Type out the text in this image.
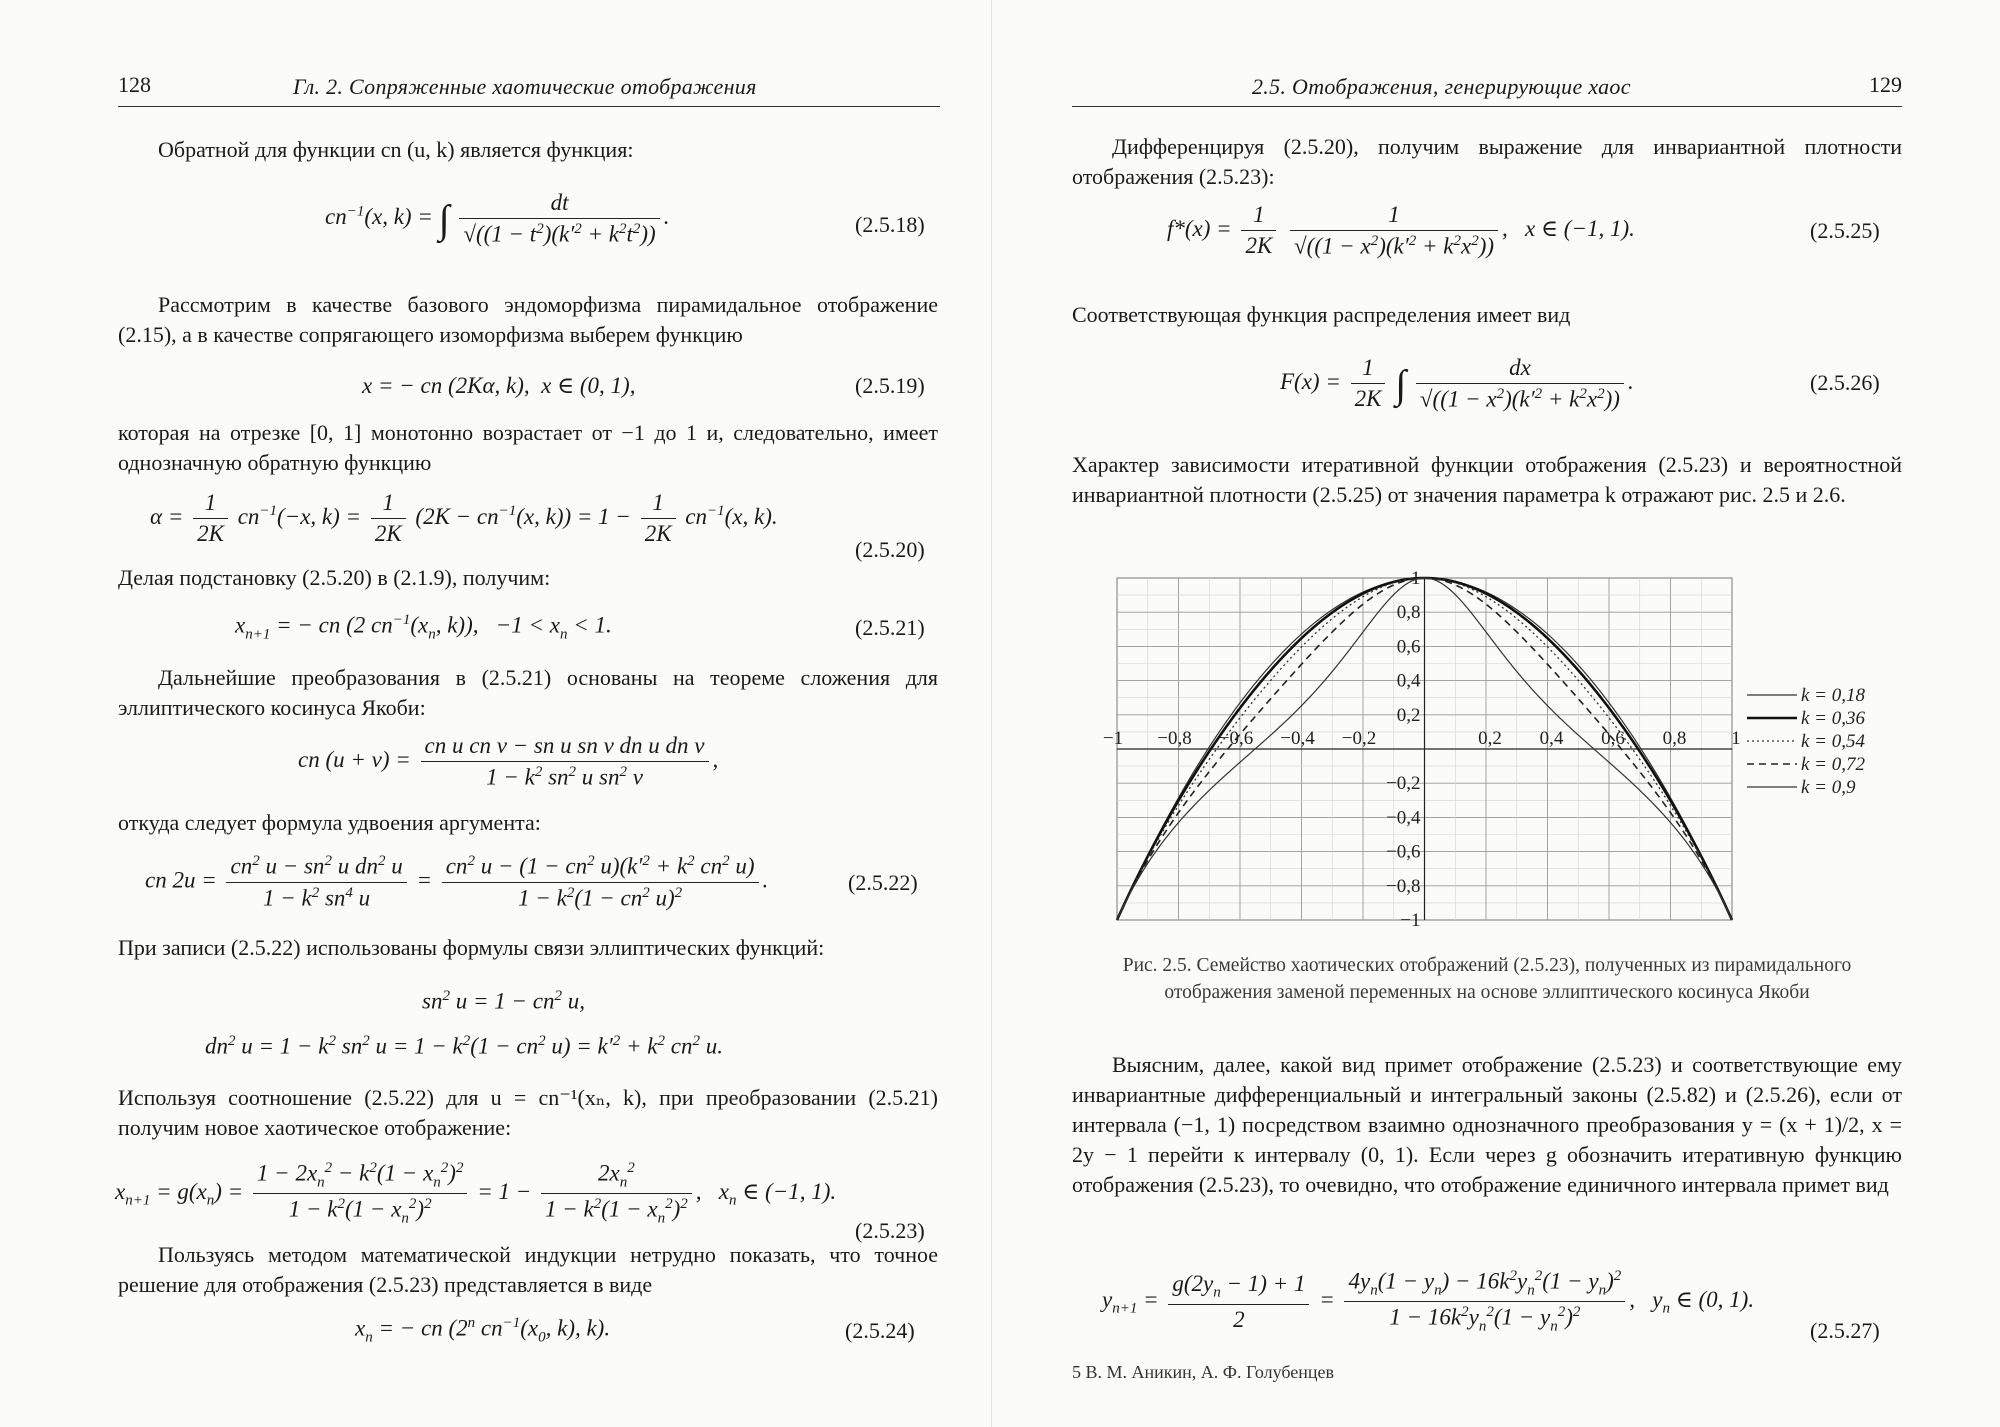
128	Гл. 2. Сопряженные хаотические отображения

Обратной для функции cn (u, k) является функция:

$cn^{-1}(x$, k) = ∫ $\frac{dt}{√((1 - t^2)(k'^2 + k^2t^2))}$ .	(2.5.18)

Рассмотрим в качестве базового эндоморфизма пирамидальное отображение (2.15), а в качестве сопрягающего изоморфизма выберем функцию

x = − cn (2Kα, k),  x ∈ (0, 1),	(2.5.19)

которая на отрезке [0, 1] монотонно возрастает от −1 до 1 и, следовательно, имеет однозначную обратную функцию

$\alpha = \frac{1}{2K} cn^{-1}(-x$, $k) = \frac{1}{2K} (2K - cn^{-1}(x$, $k)) = 1 - \frac{1}{2K} cn^{-1}(x$, k).
(2.5.20)

Делая подстановку (2.5.20) в (2.1.9), получим:

$x_{n+1}$ = − cn (2 $cn^{-1}(x_n$, k)),   $-1 < x_n < 1$.	(2.5.21)

Дальнейшие преобразования в (2.5.21) основаны на теореме сложения для эллиптического косинуса Якоби:

cn $(u + v) = \frac{\text{cn u cn v − sn u sn v dn u dn v}}{1 - k^2 sn^2 u sn^2 v}$ ,

откуда следует формула удвоения аргумента:

cn $2u = \frac{cn^2 u - sn^2 u dn^2 u}{1 - k^2 sn^4 u} = \frac{cn^2 u - (1 - cn^2 u)(k'^2 + k^2 cn^2 u)}{1 - k^2(1 - cn^2 u)^2}$ .	(2.5.22)

При записи (2.5.22) использованы формулы связи эллиптических функций:

$sn^2$ $u = 1 - cn^2$ u,
$dn^2$ $u = 1 - k^2$ $sn^2$ $u = 1 - k^2(1 - cn^2$ $u) = k'^2 + k^2$ $cn^2$ u.

Используя соотношение (2.5.22) для u = cn⁻¹(xₙ, k), при преобразовании (2.5.21) получим новое хаотическое отображение:

$x_{n+1} = g(x_n) = \frac{1 - 2x_n^2 - k^2(1 - x_n^2)^2}{1 - k^2(1 - x_n^2)^2} = 1 - \frac{2x_n^2}{1 - k^2(1 - x_n^2)^2}$ ,   $x_n$ ∈ (−1, 1).
(2.5.23)

Пользуясь методом математической индукции нетрудно показать, что точное решение для отображения (2.5.23) представляется в виде

$x_n$ = − cn (2$^n$ $cn^{-1}(x_0$, k), k).	(2.5.24)
2.5. Отображения, генерирующие хаос	129

Дифференцируя (2.5.20), получим выражение для инвариантной плотности отображения (2.5.23):

$f*(x) = \frac{1}{2K}$
$\frac{1}{√((1 - x^2)(k'^2 + k^2x^2))}$ ,   x ∈ (−1, 1).	(2.5.25)

Соответствующая функция распределения имеет вид

$F(x) = \frac{1}{2K}$ ∫ $\frac{dx}{√((1 - x^2)(k'^2 + k^2x^2))}$ .	(2.5.26)

Характер зависимости итеративной функции отображения (2.5.23) и вероятностной инвариантной плотности (2.5.25) от значения параметра k отражают рис. 2.5 и 2.6.

−1 −0,8 −0,6 −0,4 −0,2	0,2 0,4 0,6 0,8 1
1
0,8
0,6
0,4
0,2
−0,2
−0,4
−0,6
−0,8
−1
k = 0,18
k = 0,36
k = 0,54
k = 0,72
k = 0,9
Рис. 2.5. Семейство хаотических отображений (2.5.23), полученных из пирамидального отображения заменой переменных на основе эллиптического косинуса Якоби

Выясним, далее, какой вид примет отображение (2.5.23) и соответствующие ему инвариантные дифференциальный и интегральный законы (2.5.82) и (2.5.26), если от интервала (−1, 1) посредством взаимно однозначного преобразования y = (x + 1)/2, x = 2y − 1 перейти к интервалу (0, 1). Если через g обозначить итеративную функцию отображения (2.5.23), то очевидно, что отображение единичного интервала примет вид

$y_{n+1} = \frac{g(2y_n - 1) + 1}{2} = \frac{4y_n(1 - y_n) - 16k^2y_n^2(1 - y_n)^2}{1 - 16k^2y_n^2(1 - y_n^2)^2}$ ,   $y_n$ ∈ (0, 1).
(2.5.27)
5 В. М. Аникин, А. Ф. Голубенцев
